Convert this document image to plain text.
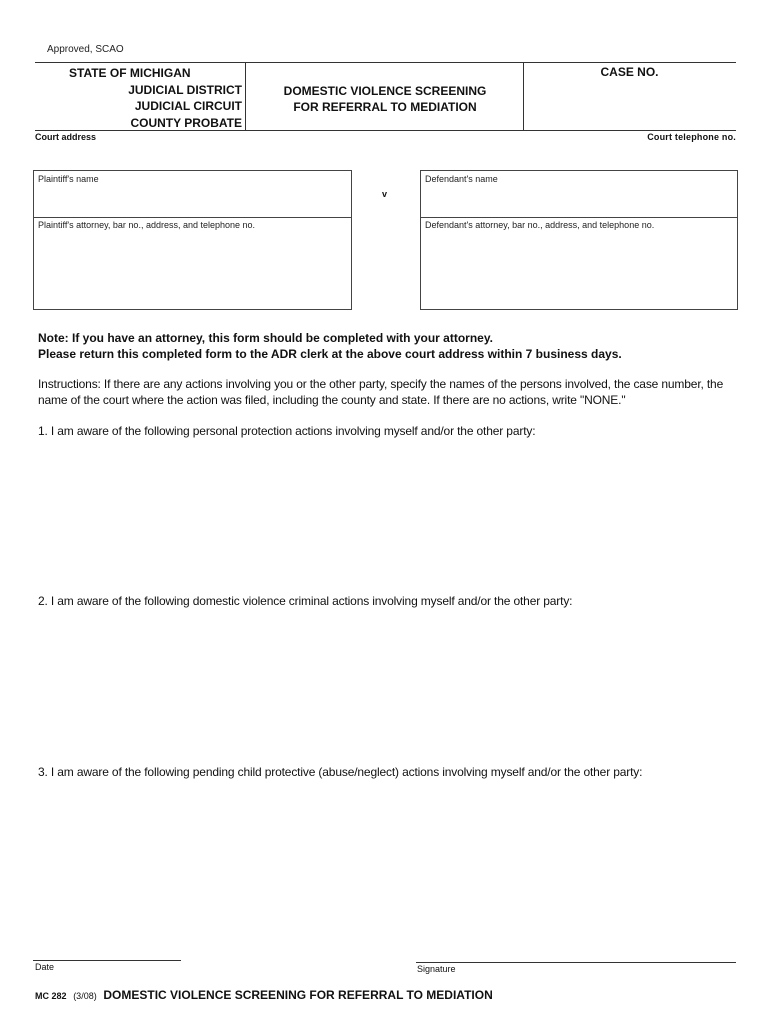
Approved, SCAO
STATE OF MICHIGAN
JUDICIAL DISTRICT
JUDICIAL CIRCUIT
COUNTY PROBATE
DOMESTIC VIOLENCE SCREENING
FOR REFERRAL TO MEDIATION
CASE NO.
Court address	Court telephone no.
Plaintiff's name
Plaintiff's attorney, bar no., address, and telephone no.
v
Defendant's name
Defendant's attorney, bar no., address, and telephone no.
Note: If you have an attorney, this form should be completed with your attorney.
Please return this completed form to the ADR clerk at the above court address within 7 business days.
Instructions: If there are any actions involving you or the other party, specify the names of the persons involved, the case number, the name of the court where the action was filed, including the county and state. If there are no actions, write "NONE."
1. I am aware of the following personal protection actions involving myself and/or the other party:
2. I am aware of the following domestic violence criminal actions involving myself and/or the other party:
3. I am aware of the following pending child protective (abuse/neglect) actions involving myself and/or the other party:
Date	Signature
MC 282 (3/08) DOMESTIC VIOLENCE SCREENING FOR REFERRAL TO MEDIATION
